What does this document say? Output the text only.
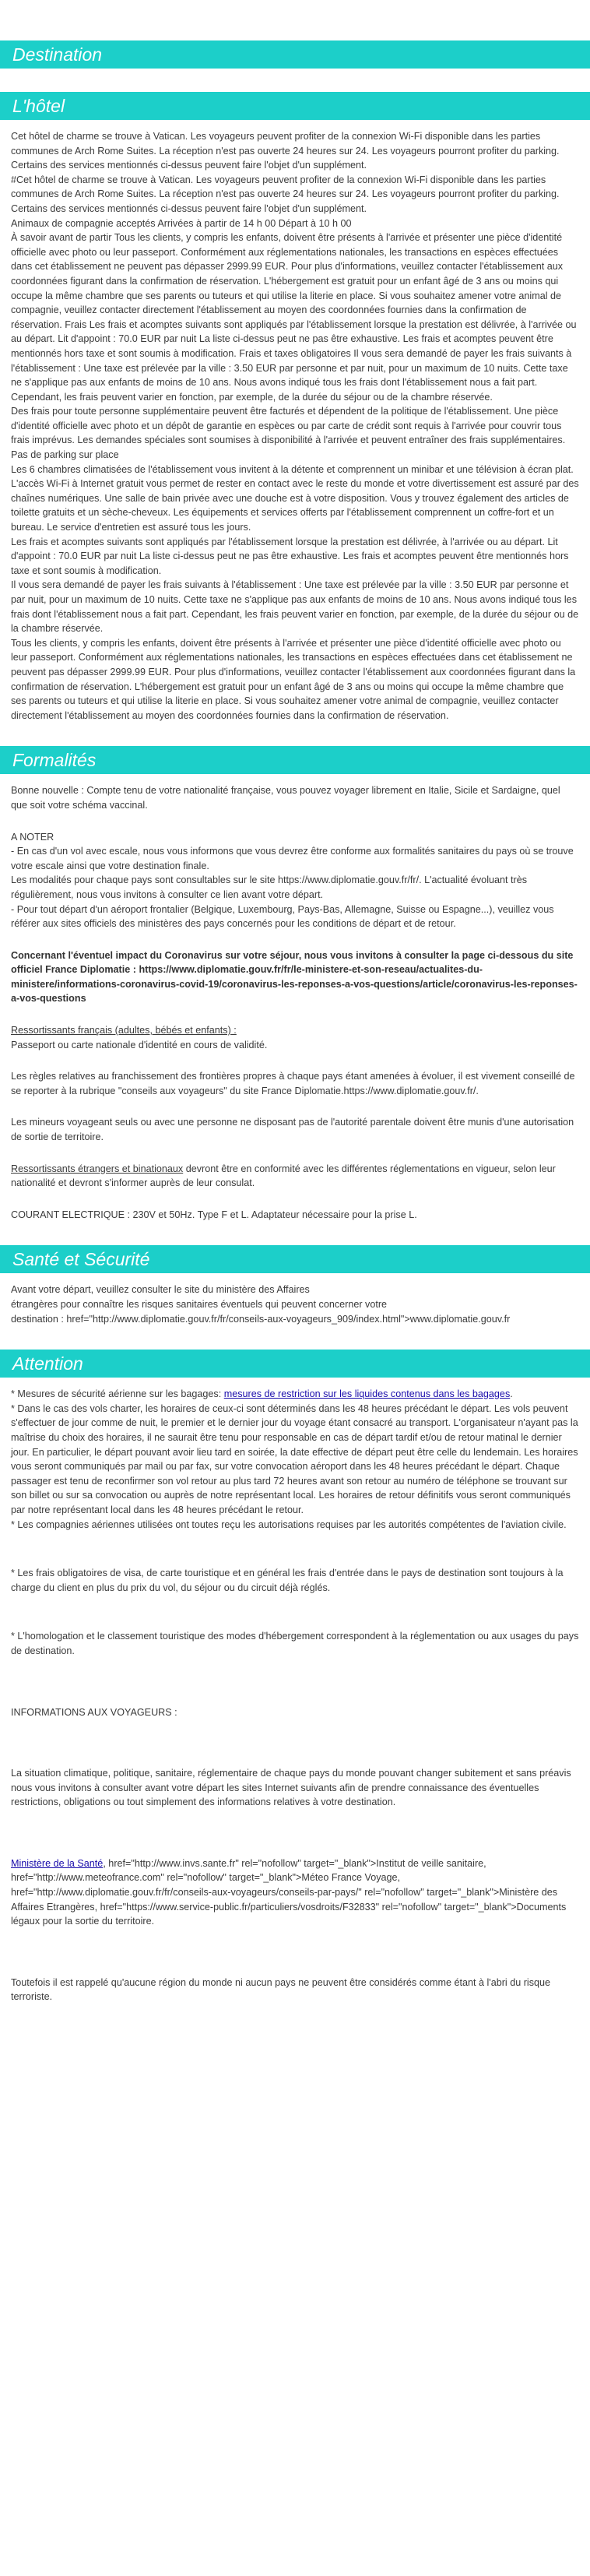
Destination
L'hôtel

Cet hôtel de charme se trouve à Vatican. Les voyageurs peuvent profiter de la connexion Wi-Fi disponible dans les parties communes de Arch Rome Suites. La réception n'est pas ouverte 24 heures sur 24. Les voyageurs pourront profiter du parking. Certains des services mentionnés ci-dessus peuvent faire l'objet d'un supplément.

#Cet hôtel de charme se trouve à Vatican. Les voyageurs peuvent profiter de la connexion Wi-Fi disponible dans les parties communes de Arch Rome Suites. La réception n'est pas ouverte 24 heures sur 24. Les voyageurs pourront profiter du parking. Certains des services mentionnés ci-dessus peuvent faire l'objet d'un supplément.

Animaux de compagnie acceptés Arrivées à partir de 14 h 00 Départ à 10 h 00

À savoir avant de partir Tous les clients, y compris les enfants, doivent être présents à l'arrivée et présenter une pièce d'identité officielle avec photo ou leur passeport. Conformément aux réglementations nationales, les transactions en espèces effectuées dans cet établissement ne peuvent pas dépasser 2999.99 EUR. Pour plus d'informations, veuillez contacter l'établissement aux coordonnées figurant dans la confirmation de réservation. L'hébergement est gratuit pour un enfant âgé de 3 ans ou moins qui occupe la même chambre que ses parents ou tuteurs et qui utilise la literie en place. Si vous souhaitez amener votre animal de compagnie, veuillez contacter directement l'établissement au moyen des coordonnées fournies dans la confirmation de réservation. Frais Les frais et acomptes suivants sont appliqués par l'établissement lorsque la prestation est délivrée, à l'arrivée ou au départ. Lit d'appoint : 70.0 EUR par nuit La liste ci-dessus peut ne pas être exhaustive. Les frais et acomptes peuvent être mentionnés hors taxe et sont soumis à modification. Frais et taxes obligatoires Il vous sera demandé de payer les frais suivants à l'établissement : Une taxe est prélevée par la ville : 3.50 EUR par personne et par nuit, pour un maximum de 10 nuits. Cette taxe ne s'applique pas aux enfants de moins de 10 ans. Nous avons indiqué tous les frais dont l'établissement nous a fait part. Cependant, les frais peuvent varier en fonction, par exemple, de la durée du séjour ou de la chambre réservée.

Des frais pour toute personne supplémentaire peuvent être facturés et dépendent de la politique de l'établissement. Une pièce d'identité officielle avec photo et un dépôt de garantie en espèces ou par carte de crédit sont requis à l'arrivée pour couvrir tous frais imprévus. Les demandes spéciales sont soumises à disponibilité à l'arrivée et peuvent entraîner des frais supplémentaires. Pas de parking sur place

Les 6 chambres climatisées de l'établissement vous invitent à la détente et comprennent un minibar et une télévision à écran plat. L'accès Wi-Fi à Internet gratuit vous permet de rester en contact avec le reste du monde et votre divertissement est assuré par des chaînes numériques. Une salle de bain privée avec une douche est à votre disposition. Vous y trouvez également des articles de toilette gratuits et un sèche-cheveux. Les équipements et services offerts par l'établissement comprennent un coffre-fort et un bureau. Le service d'entretien est assuré tous les jours.

Les frais et acomptes suivants sont appliqués par l'établissement lorsque la prestation est délivrée, à l'arrivée ou au départ. Lit d'appoint : 70.0 EUR par nuit La liste ci-dessus peut ne pas être exhaustive. Les frais et acomptes peuvent être mentionnés hors taxe et sont soumis à modification.

Il vous sera demandé de payer les frais suivants à l'établissement : Une taxe est prélevée par la ville : 3.50 EUR par personne et par nuit, pour un maximum de 10 nuits. Cette taxe ne s'applique pas aux enfants de moins de 10 ans. Nous avons indiqué tous les frais dont l'établissement nous a fait part. Cependant, les frais peuvent varier en fonction, par exemple, de la durée du séjour ou de la chambre réservée.

Tous les clients, y compris les enfants, doivent être présents à l'arrivée et présenter une pièce d'identité officielle avec photo ou leur passeport. Conformément aux réglementations nationales, les transactions en espèces effectuées dans cet établissement ne peuvent pas dépasser 2999.99 EUR. Pour plus d'informations, veuillez contacter l'établissement aux coordonnées figurant dans la confirmation de réservation. L'hébergement est gratuit pour un enfant âgé de 3 ans ou moins qui occupe la même chambre que ses parents ou tuteurs et qui utilise la literie en place. Si vous souhaitez amener votre animal de compagnie, veuillez contacter directement l'établissement au moyen des coordonnées fournies dans la confirmation de réservation.

Formalités

Bonne nouvelle : Compte tenu de votre nationalité française, vous pouvez voyager librement en Italie, Sicile et Sardaigne, quel que soit votre schéma vaccinal.

A NOTER

- En cas d'un vol avec escale, nous vous informons que vous devrez être conforme aux formalités sanitaires du pays où se trouve votre escale ainsi que votre destination finale.

Les modalités pour chaque pays sont consultables sur le site https://www.diplomatie.gouv.fr/fr/. L'actualité évoluant très régulièrement, nous vous invitons à consulter ce lien avant votre départ.

- Pour tout départ d'un aéroport frontalier (Belgique, Luxembourg, Pays-Bas, Allemagne, Suisse ou Espagne...), veuillez vous référer aux sites officiels des ministères des pays concernés pour les conditions de départ et de retour.

Concernant l'éventuel impact du Coronavirus sur votre séjour, nous vous invitons à consulter la page ci-dessous du site officiel France Diplomatie : https://www.diplomatie.gouv.fr/fr/le-ministere-et-son-reseau/actualites-du-ministere/informations-coronavirus-covid-19/coronavirus-les-reponses-a-vos-questions/article/coronavirus-les-reponses-a-vos-questions

Ressortissants français (adultes, bébés et enfants) :

Passeport ou carte nationale d'identité en cours de validité.

Les règles relatives au franchissement des frontières propres à chaque pays étant amenées à évoluer, il est vivement conseillé de se reporter à la rubrique "conseils aux voyageurs" du site France Diplomatie.https://www.diplomatie.gouv.fr/.

Les mineurs voyageant seuls ou avec une personne ne disposant pas de l'autorité parentale doivent être munis d'une autorisation de sortie de territoire.

Ressortissants étrangers et binationaux devront être en conformité avec les différentes réglementations en vigueur, selon leur nationalité et devront s'informer auprès de leur consulat.

COURANT ELECTRIQUE : 230V et 50Hz. Type F et L. Adaptateur nécessaire pour la prise L.

Santé et Sécurité

Avant votre départ, veuillez consulter le site du ministère des Affaires

étrangères pour connaître les risques sanitaires éventuels qui peuvent concerner votre

destination : href="http://www.diplomatie.gouv.fr/fr/conseils-aux-voyageurs_909/index.html">www.diplomatie.gouv.fr

Attention

* Mesures de sécurité aérienne sur les bagages: mesures de restriction sur les liquides contenus dans les bagages.

* Dans le cas des vols charter, les horaires de ceux-ci sont déterminés dans les 48 heures précédant le départ. Les vols peuvent s'effectuer de jour comme de nuit, le premier et le dernier jour du voyage étant consacré au transport. L'organisateur n'ayant pas la maîtrise du choix des horaires, il ne saurait être tenu pour responsable en cas de départ tardif et/ou de retour matinal le dernier jour. En particulier, le départ pouvant avoir lieu tard en soirée, la date effective de départ peut être celle du lendemain. Les horaires vous seront communiqués par mail ou par fax, sur votre convocation aéroport dans les 48 heures précédant le départ. Chaque passager est tenu de reconfirmer son vol retour au plus tard 72 heures avant son retour au numéro de téléphone se trouvant sur son billet ou sur sa convocation ou auprès de notre représentant local. Les horaires de retour définitifs vous seront communiqués par notre représentant local dans les 48 heures précédant le retour.

* Les compagnies aériennes utilisées ont toutes reçu les autorisations requises par les autorités compétentes de l'aviation civile.

* Les frais obligatoires de visa, de carte touristique et en général les frais d'entrée dans le pays de destination sont toujours à la charge du client en plus du prix du vol, du séjour ou du circuit déjà réglés.

* L'homologation et le classement touristique des modes d'hébergement correspondent à la réglementation ou aux usages du pays de destination.

INFORMATIONS AUX VOYAGEURS :

La situation climatique, politique, sanitaire, réglementaire de chaque pays du monde pouvant changer subitement et sans préavis

nous vous invitons à consulter avant votre départ les sites Internet suivants afin de prendre connaissance des éventuelles restrictions, obligations ou tout simplement des informations relatives à votre destination.

Ministère de la Santé, href="http://www.invs.sante.fr" rel="nofollow" target="_blank">Institut de veille sanitaire, href="http://www.meteofrance.com" rel="nofollow" target="_blank">Méteo France Voyage, href="http://www.diplomatie.gouv.fr/fr/conseils-aux-voyageurs/conseils-par-pays/" rel="nofollow" target="_blank">Ministère des Affaires Etrangères, href="https://www.service-public.fr/particuliers/vosdroits/F32833" rel="nofollow" target="_blank">Documents légaux pour la sortie du territoire.

Toutefois il est rappelé qu'aucune région du monde ni aucun pays ne peuvent être considérés comme étant à l'abri du risque terroriste.
